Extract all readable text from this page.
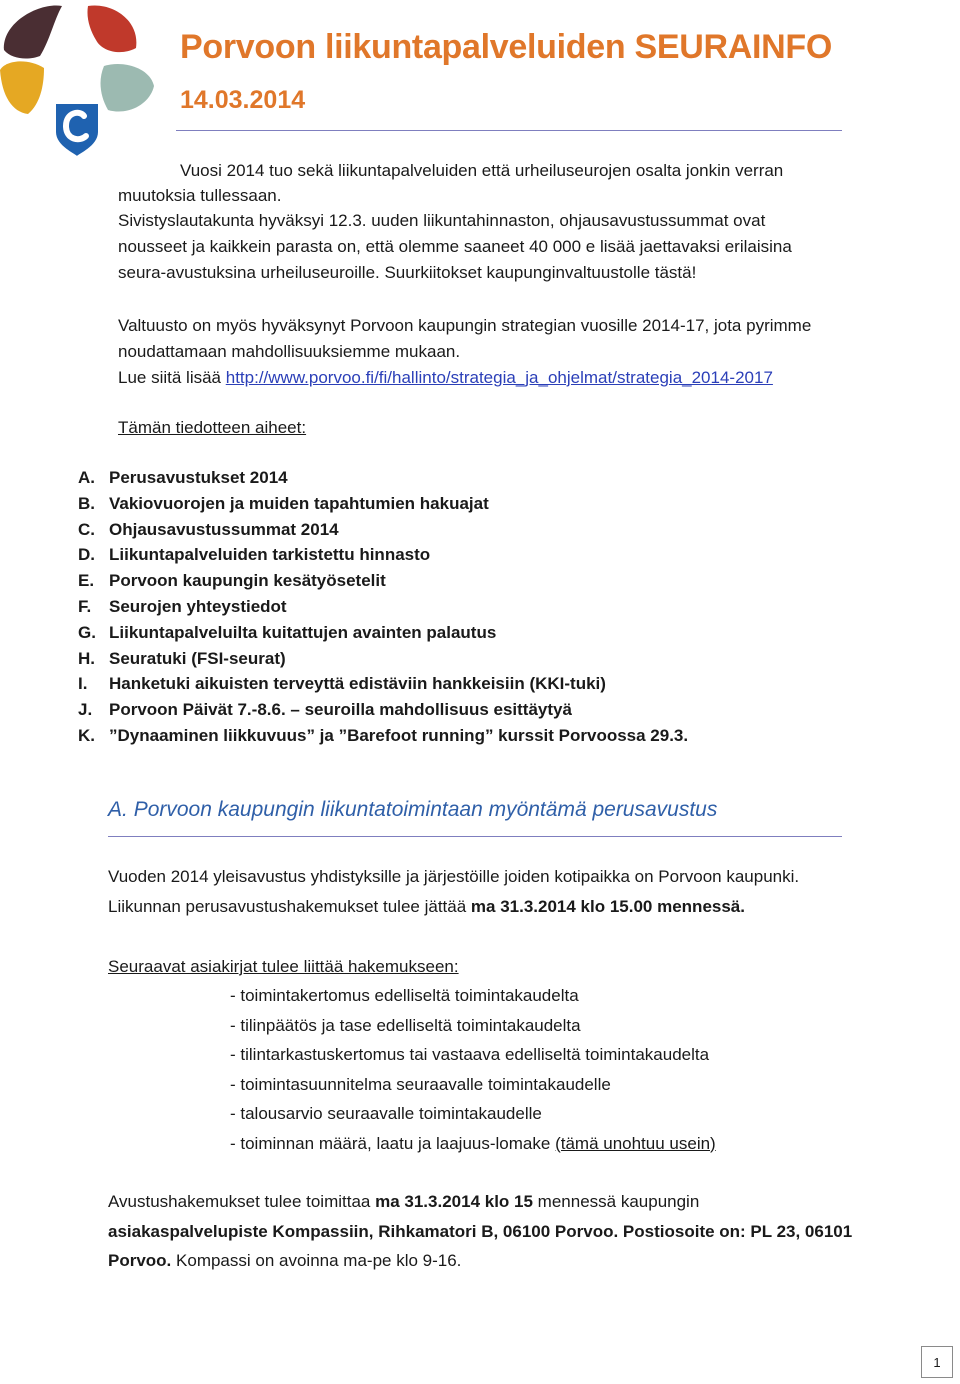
Porvoon liikuntapalveluiden SEURAINFO
14.03.2014
Vuosi 2014 tuo sekä liikuntapalveluiden että urheiluseurojen osalta jonkin verran
muutoksia tullessaan.
Sivistyslautakunta hyväksyi 12.3. uuden liikuntahinnaston, ohjausavustussummat ovat
nousseet ja kaikkein parasta on, että olemme saaneet 40 000 e lisää jaettavaksi erilaisina
seura-avustuksina urheiluseuroille. Suurkiitokset kaupunginvaltuustolle tästä!
Valtuusto on myös hyväksynyt Porvoon kaupungin strategian vuosille 2014-17, jota pyrimme
noudattamaan mahdollisuuksiemme mukaan.
Lue siitä lisää http://www.porvoo.fi/fi/hallinto/strategia_ja_ohjelmat/strategia_2014-2017
Tämän tiedotteen aiheet:
A. Perusavustukset 2014
B. Vakiovuorojen ja muiden tapahtumien hakuajat
C. Ohjausavustussummat 2014
D. Liikuntapalveluiden tarkistettu hinnasto
E. Porvoon kaupungin kesätyösetelit
F.	Seurojen yhteystiedot
G. Liikuntapalveluilta kuitattujen avainten palautus
H. Seuratuki (FSI-seurat)
I.	Hanketuki aikuisten terveyttä edistäviin hankkeisiin (KKI-tuki)
J. Porvoon Päivät 7.-8.6. – seuroilla mahdollisuus esittäytyä
K. ”Dynaaminen liikkuvuus” ja ”Barefoot running” kurssit Porvoossa 29.3.
A. Porvoon kaupungin liikuntatoimintaan myöntämä perusavustus
Vuoden 2014 yleisavustus yhdistyksille ja järjestöille joiden kotipaikka on Porvoon kaupunki.
Liikunnan perusavustushakemukset tulee jättää ma 31.3.2014 klo 15.00 mennessä.
Seuraavat asiakirjat tulee liittää hakemukseen:
- toimintakertomus edelliseltä toimintakaudelta
- tilinpäätös ja tase edelliseltä toimintakaudelta
- tilintarkastuskertomus tai vastaava edelliseltä toimintakaudelta
- toimintasuunnitelma seuraavalle toimintakaudelle
- talousarvio seuraavalle toimintakaudelle
- toiminnan määrä, laatu ja laajuus-lomake (tämä unohtuu usein)
Avustushakemukset tulee toimittaa ma 31.3.2014 klo 15 mennessä kaupungin
asiakaspalvelupiste Kompassiin, Rihkamatori B, 06100 Porvoo. Postiosoite on: PL 23, 06101
Porvoo. Kompassi on avoinna ma-pe klo 9-16.
1
